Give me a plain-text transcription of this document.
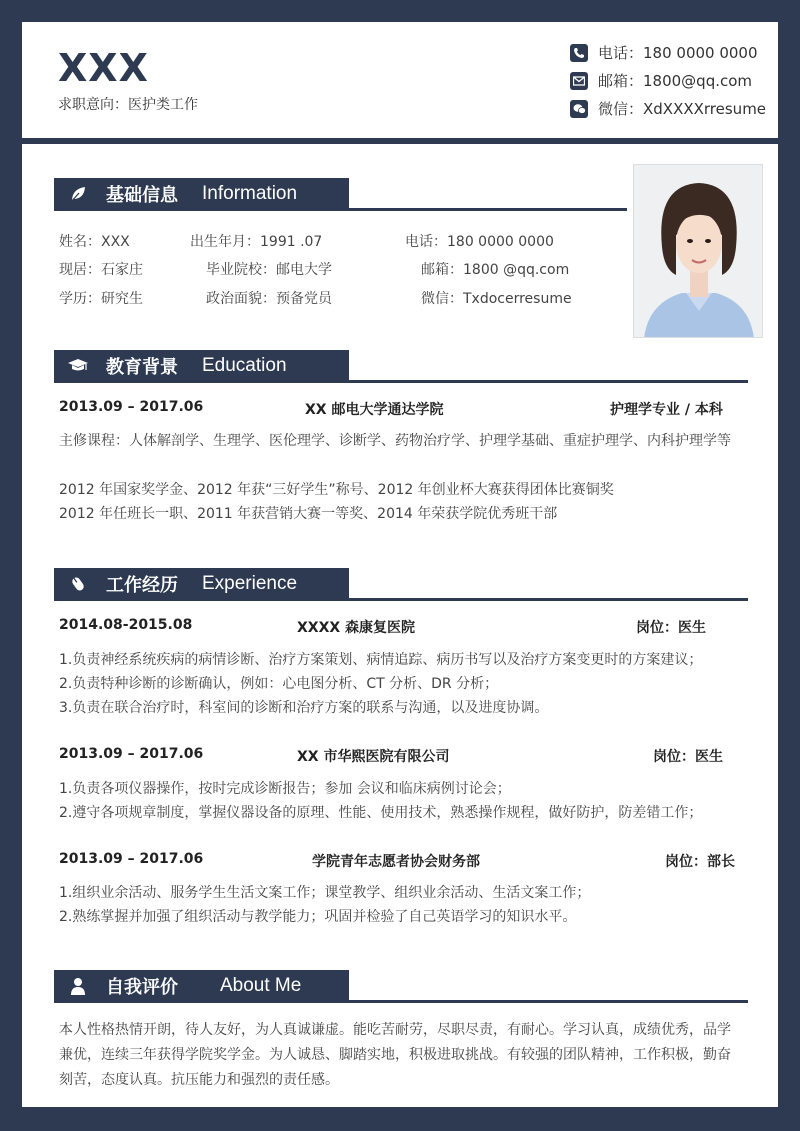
XXX
求职意向：医护类工作
电话：180 0000 0000
邮箱：1800@qq.com
微信：XdXXXXrresume
基础信息	Information
姓名：XXX	出生年月：1991 .07	电话：180 0000 0000
现居：石家庄	毕业院校：邮电大学	邮箱：1800 @qq.com
学历：研究生	政治面貌：预备党员	微信：Txdocerresume
教育背景	Education
2013.09 – 2017.06	XX 邮电大学通达学院	护理学专业 / 本科
主修课程：人体解剖学、生理学、医伦理学、诊断学、药物治疗学、护理学基础、重症护理学、内科护理学等
2012 年国家奖学金、2012 年获“三好学生”称号、2012 年创业杯大赛获得团体比赛铜奖
2012 年任班长一职、2011 年获营销大赛一等奖、2014 年荣获学院优秀班干部
工作经历	Experience
2014.08-2015.08	XXXX 森康复医院	岗位：医生
1.负责神经系统疾病的病情诊断、治疗方案策划、病情追踪、病历书写以及治疗方案变更时的方案建议；
2.负责特种诊断的诊断确认，例如：心电图分析、CT 分析、DR 分析；
3.负责在联合治疗时，科室间的诊断和治疗方案的联系与沟通，以及进度协调。
2013.09 – 2017.06	XX 市华熙医院有限公司	岗位：医生
1.负责各项仪器操作，按时完成诊断报告；参加 会议和临床病例讨论会；
2.遵守各项规章制度，掌握仪器设备的原理、性能、使用技术，熟悉操作规程，做好防护，防差错工作；
2013.09 – 2017.06	学院青年志愿者协会财务部	岗位：部长
1.组织业余活动、服务学生生活文案工作；课堂教学、组织业余活动、生活文案工作；
2.熟练掌握并加强了组织活动与教学能力；巩固并检验了自己英语学习的知识水平。
自我评价	About Me
本人性格热情开朗，待人友好，为人真诚谦虚。能吃苦耐劳，尽职尽责，有耐心。学习认真，成绩优秀，品学
兼优，连续三年获得学院奖学金。为人诚恳、脚踏实地，积极进取挑战。有较强的团队精神，工作积极，勤奋
刻苦，态度认真。抗压能力和强烈的责任感。
